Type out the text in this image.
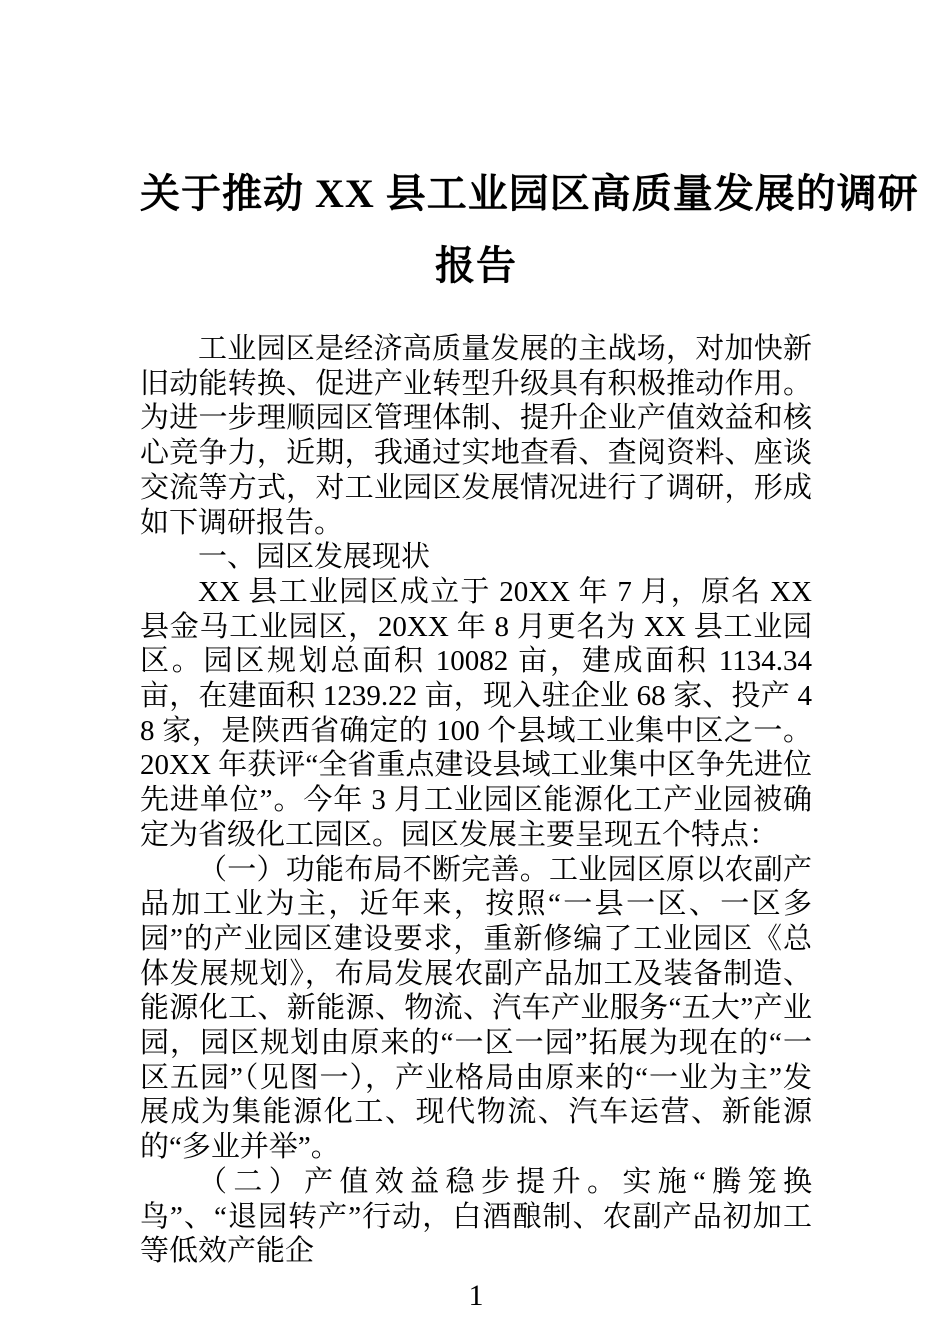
关于推动 XX 县工业园区高质量发展的调研
报告

工业园区是经济高质量发展的主战场，对加快新旧动能转换、促进产业转型升级具有积极推动作用。为进一步理顺园区管理体制、提升企业产值效益和核心竞争力，近期，我通过实地查看、查阅资料、座谈交流等方式，对工业园区发展情况进行了调研，形成如下调研报告。

一、园区发展现状

XX 县工业园区成立于 20XX 年 7 月，原名 XX 县金马工业园区，20XX 年 8 月更名为 XX 县工业园区。园区规划总面积 10082 亩，建成面积 1134.34 亩，在建面积 1239.22 亩，现入驻企业 68 家、投产 48 家，是陕西省确定的 100 个县域工业集中区之一。20XX 年获评“全省重点建设县域工业集中区争先进位先进单位”。今年 3 月工业园区能源化工产业园被确定为省级化工园区。园区发展主要呈现五个特点：

（一）功能布局不断完善。工业园区原以农副产品加工业为主，近年来，按照“一县一区、一区多园”的产业园区建设要求，重新修编了工业园区《总体发展规划》，布局发展农副产品加工及装备制造、能源化工、新能源、物流、汽车产业服务“五大”产业园，园区规划由原来的“一区一园”拓展为现在的“一区五园”（见图一），产业格局由原来的“一业为主”发展成为集能源化工、现代物流、汽车运营、新能源的“多业并举”。

（二）产值效益稳步提升。实施“腾笼换鸟”、“退园转产”行动，白酒酿制、农副产品初加工等低效产能企

1
